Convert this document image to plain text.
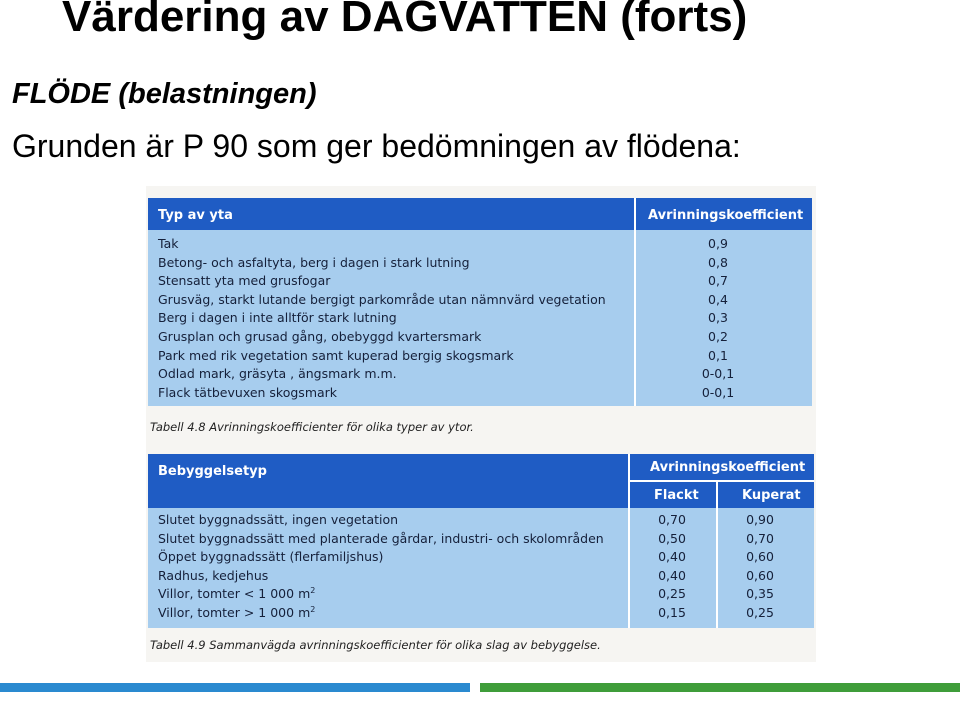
Värdering av DAGVATTEN (forts)
FLÖDE (belastningen)
Grunden är P 90 som ger bedömningen av flödena:
Typ av yta	Avrinningskoefficient
Tak	0,9
Betong- och asfaltyta, berg i dagen i stark lutning	0,8
Stensatt yta med grusfogar	0,7
Grusväg, starkt lutande bergigt parkområde utan nämnvärd vegetation	0,4
Berg i dagen i inte alltför stark lutning	0,3
Grusplan och grusad gång, obebyggd kvartersmark	0,2
Park med rik vegetation samt kuperad bergig skogsmark	0,1
Odlad mark, gräsyta , ängsmark m.m.	0-0,1
Flack tätbevuxen skogsmark	0-0,1
Tabell 4.8 Avrinningskoefficienter för olika typer av ytor.
Bebyggelsetyp	Avrinningskoefficient
Flackt	Kuperat
Slutet byggnadssätt, ingen vegetation	0,70	0,90
Slutet byggnadssätt med planterade gårdar, industri- och skolområden	0,50	0,70
Öppet byggnadssätt (flerfamiljshus)	0,40	0,60
Radhus, kedjehus	0,40	0,60
Villor, tomter < 1 000 $m^2$	0,25	0,35
Villor, tomter > 1 000 $m^2$	0,15	0,25
Tabell 4.9 Sammanvägda avrinningskoefficienter för olika slag av bebyggelse.
